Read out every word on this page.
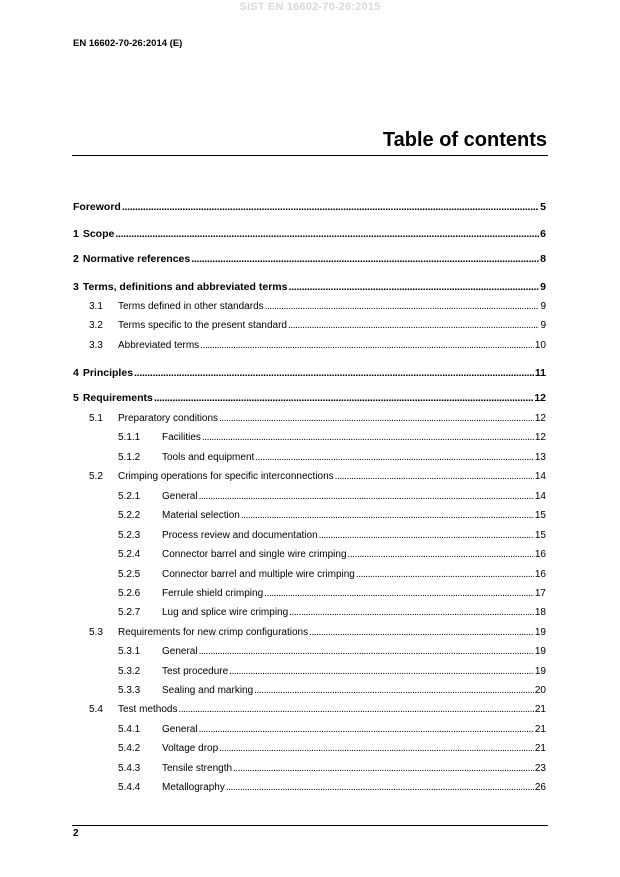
SIST EN 16602-70-26:2015
EN 16602-70-26:2014 (E)
Table of contents
Foreword . . .	5
1 Scope . . .	6
2 Normative references . . .	8
3 Terms, definitions and abbreviated terms . . .	9
3.1	Terms defined in other standards . . .	9
3.2	Terms specific to the present standard . . .	9
3.3	Abbreviated terms . . .	10
4 Principles . . .	11
5 Requirements . . .	12
5.1	Preparatory conditions . . .	12
5.1.1	Facilities . . .	12
5.1.2	Tools and equipment . . .	13
5.2	Crimping operations for specific interconnections . . .	14
5.2.1	General . . .	14
5.2.2	Material selection . . .	15
5.2.3	Process review and documentation . . .	15
5.2.4	Connector barrel and single wire crimping . . .	16
5.2.5	Connector barrel and multiple wire crimping . . .	16
5.2.6	Ferrule shield crimping . . .	17
5.2.7	Lug and splice wire crimping . . .	18
5.3	Requirements for new crimp configurations . . .	19
5.3.1	General . . .	19
5.3.2	Test procedure . . .	19
5.3.3	Sealing and marking . . .	20
5.4	Test methods . . .	21
5.4.1	General . . .	21
5.4.2	Voltage drop . . .	21
5.4.3	Tensile strength . . .	23
5.4.4	Metallography . . .	26
2
